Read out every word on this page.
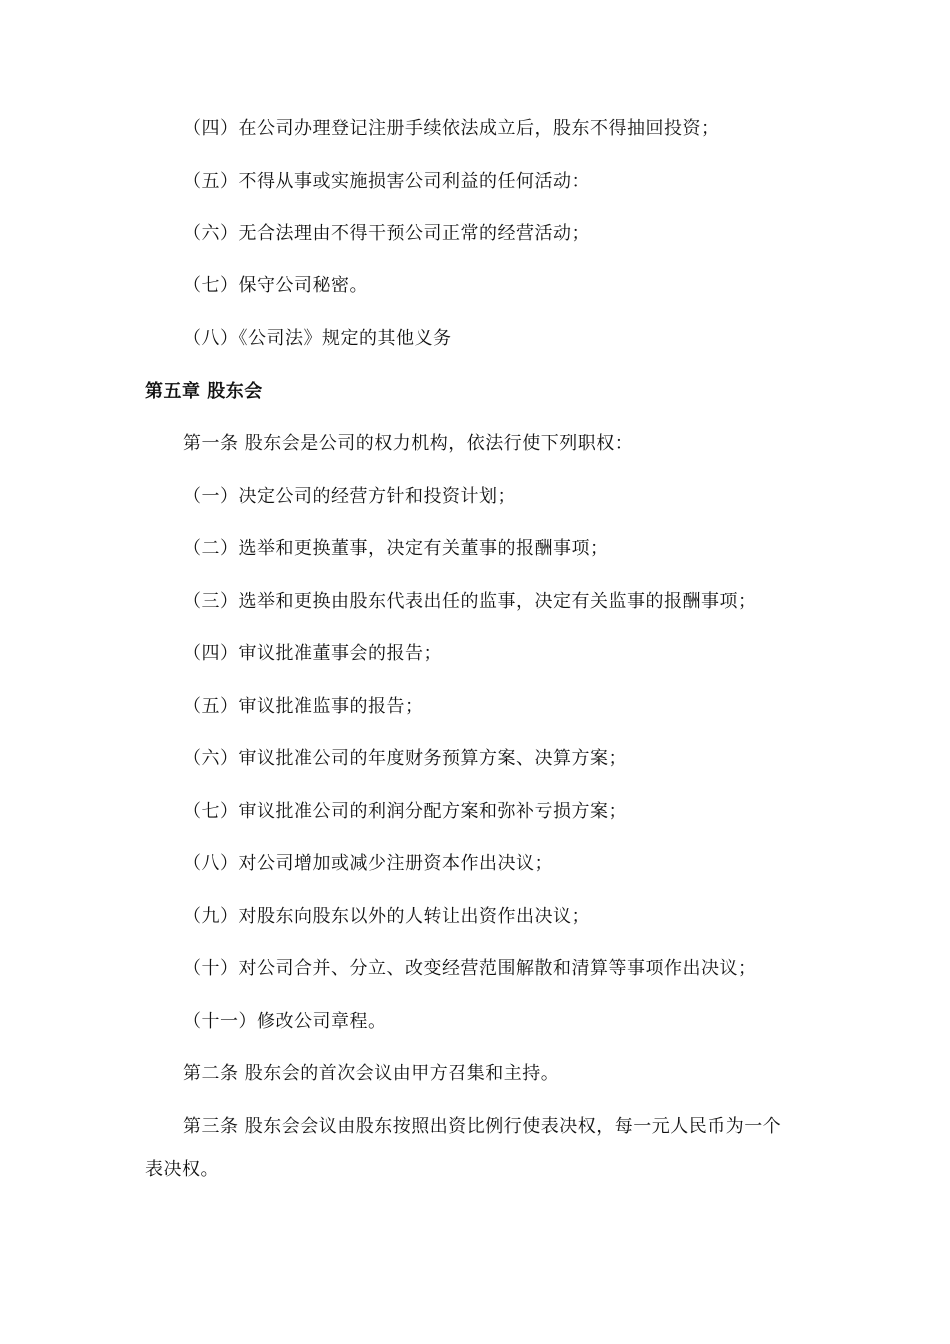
（四）在公司办理登记注册手续依法成立后，股东不得抽回投资；
（五）不得从事或实施损害公司利益的任何活动：
（六）无合法理由不得干预公司正常的经营活动；
（七）保守公司秘密。
（八）《公司法》规定的其他义务
第五章 股东会
第一条 股东会是公司的权力机构，依法行使下列职权：
（一）决定公司的经营方针和投资计划；
（二）选举和更换董事，决定有关董事的报酬事项；
（三）选举和更换由股东代表出任的监事，决定有关监事的报酬事项；
（四）审议批准董事会的报告；
（五）审议批准监事的报告；
（六）审议批准公司的年度财务预算方案、决算方案；
（七）审议批准公司的利润分配方案和弥补亏损方案；
（八）对公司增加或减少注册资本作出决议；
（九）对股东向股东以外的人转让出资作出决议；
（十）对公司合并、分立、改变经营范围解散和清算等事项作出决议；
（十一）修改公司章程。
第二条 股东会的首次会议由甲方召集和主持。
第三条 股东会会议由股东按照出资比例行使表决权，每一元人民币为一个
表决权。
